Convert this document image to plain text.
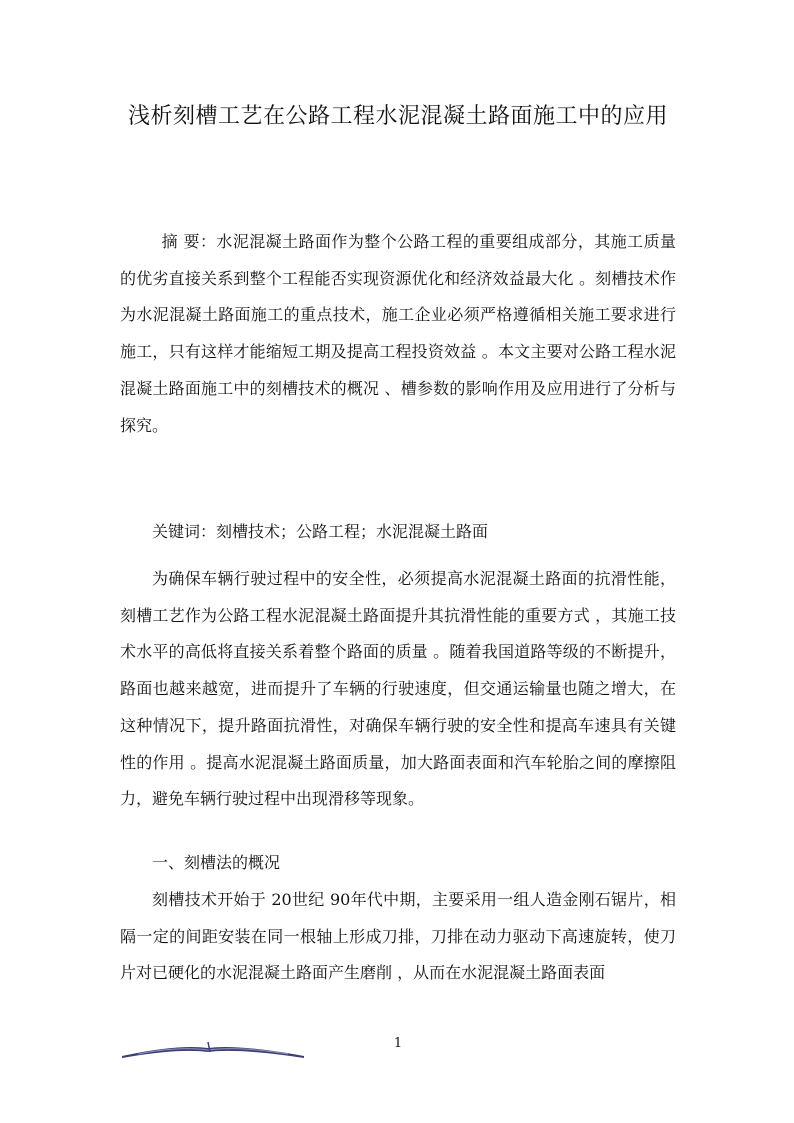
浅析刻槽工艺在公路工程水泥混凝土路面施工中的应用
摘 要：水泥混凝土路面作为整个公路工程的重要组成部分，其施工质量的优劣直接关系到整个工程能否实现资源优化和经济效益最大化 。刻槽技术作为水泥混凝土路面施工的重点技术，施工企业必须严格遵循相关施工要求进行施工，只有这样才能缩短工期及提高工程投资效益 。本文主要对公路工程水泥混凝土路面施工中的刻槽技术的概况 、槽参数的影响作用及应用进行了分析与探究。
关键词：刻槽技术；公路工程；水泥混凝土路面
为确保车辆行驶过程中的安全性，必须提高水泥混凝土路面的抗滑性能，刻槽工艺作为公路工程水泥混凝土路面提升其抗滑性能的重要方式 ，其施工技术水平的高低将直接关系着整个路面的质量 。随着我国道路等级的不断提升，路面也越来越宽，进而提升了车辆的行驶速度，但交通运输量也随之增大，在这种情况下，提升路面抗滑性，对确保车辆行驶的安全性和提高车速具有关键性的作用 。提高水泥混凝土路面质量，加大路面表面和汽车轮胎之间的摩擦阻力，避免车辆行驶过程中出现滑移等现象。
一、刻槽法的概况
刻槽技术开始于 20世纪 90年代中期，主要采用一组人造金刚石锯片，相隔一定的间距安装在同一根轴上形成刀排，刀排在动力驱动下高速旋转，使刀片对已硬化的水泥混凝土路面产生磨削 ，从而在水泥混凝土路面表面
1
